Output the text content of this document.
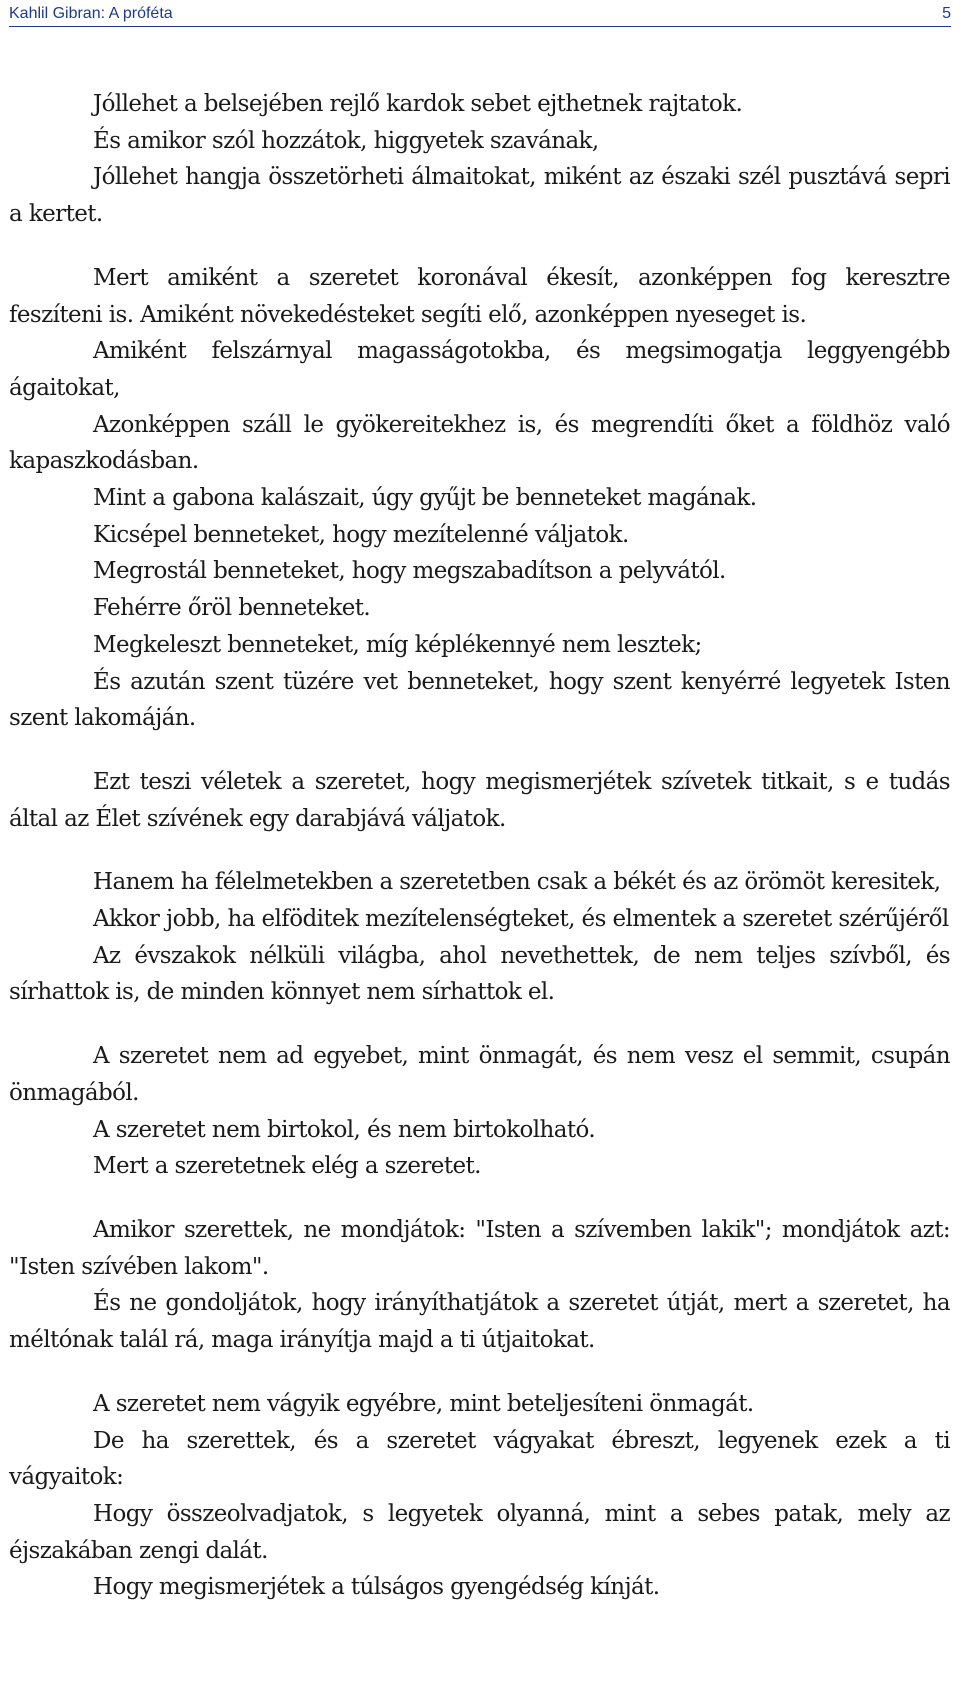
Kahlil Gibran: A próféta	5

Jóllehet a belsejében rejlő kardok sebet ejthetnek rajtatok.

És amikor szól hozzátok, higgyetek szavának,

Jóllehet hangja összetörheti álmaitokat, miként az északi szél pusztává sepri a kertet.

Mert amiként a szeretet koronával ékesít, azonképpen fog keresztre feszíteni is. Amiként növekedésteket segíti elő, azonképpen nyeseget is.

Amiként felszárnyal magasságotokba, és megsimogatja leggyengébb ágaitokat,

Azonképpen száll le gyökereitekhez is, és megrendíti őket a földhöz való kapaszkodásban.

Mint a gabona kalászait, úgy gyűjt be benneteket magának.

Kicsépel benneteket, hogy mezítelenné váljatok.

Megrostál benneteket, hogy megszabadítson a pelyvától.

Fehérre őröl benneteket.

Megkeleszt benneteket, míg képlékennyé nem lesztek;

És azután szent tüzére vet benneteket, hogy szent kenyérré legyetek Isten szent lakomáján.

Ezt teszi véletek a szeretet, hogy megismerjétek szívetek titkait, s e tudás által az Élet szívének egy darabjává váljatok.

Hanem ha félelmetekben a szeretetben csak a békét és az örömöt keresitek,

Akkor jobb, ha elföditek mezítelenségteket, és elmentek a szeretet szérűjéről

Az évszakok nélküli világba, ahol nevethettek, de nem teljes szívből, és sírhattok is, de minden könnyet nem sírhattok el.

A szeretet nem ad egyebet, mint önmagát, és nem vesz el semmit, csupán önmagából.

A szeretet nem birtokol, és nem birtokolható.

Mert a szeretetnek elég a szeretet.

Amikor szerettek, ne mondjátok: "Isten a szívemben lakik"; mondjátok azt: "Isten szívében lakom".

És ne gondoljátok, hogy irányíthatjátok a szeretet útját, mert a szeretet, ha méltónak talál rá, maga irányítja majd a ti útjaitokat.

A szeretet nem vágyik egyébre, mint beteljesíteni önmagát.

De ha szerettek, és a szeretet vágyakat ébreszt, legyenek ezek a ti vágyaitok:

Hogy összeolvadjatok, s legyetek olyanná, mint a sebes patak, mely az éjszakában zengi dalát.

Hogy megismerjétek a túlságos gyengédség kínját.
